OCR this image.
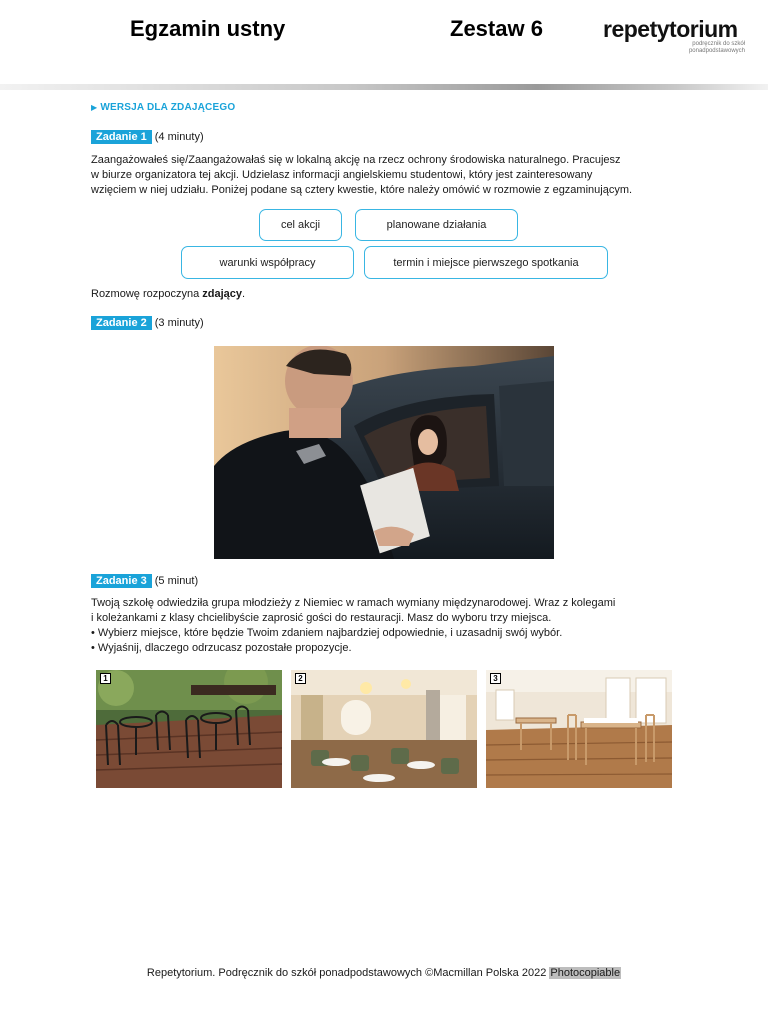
Egzamin ustny	Zestaw 6	repetytorium
podręcznik do szkół
ponadpodstawowych
▶ WERSJA DLA ZDAJĄCEGO
Zadanie 1 (4 minuty)
Zaangażowałeś się/Zaangażowałaś się w lokalną akcję na rzecz ochrony środowiska naturalnego. Pracujesz
w biurze organizatora tej akcji. Udzielasz informacji angielskiemu studentowi, który jest zainteresowany
wzięciem w niej udziału. Poniżej podane są cztery kwestie, które należy omówić w rozmowie z egzaminującym.
cel akcji	planowane działania
warunki współpracy	termin i miejsce pierwszego spotkania
Rozmowę rozpoczyna zdający.
Zadanie 2 (3 minuty)
Zadanie 3 (5 minut)
Twoją szkołę odwiedziła grupa młodzieży z Niemiec w ramach wymiany międzynarodowej. Wraz z kolegami
i koleżankami z klasy chcielibyście zaprosić gości do restauracji. Masz do wyboru trzy miejsca.
• Wybierz miejsce, które będzie Twoim zdaniem najbardziej odpowiednie, i uzasadnij swój wybór.
• Wyjaśnij, dlaczego odrzucasz pozostałe propozycje.
1	2	3
Repetytorium. Podręcznik do szkół ponadpodstawowych ©Macmillan Polska 2022 Photocopiable
